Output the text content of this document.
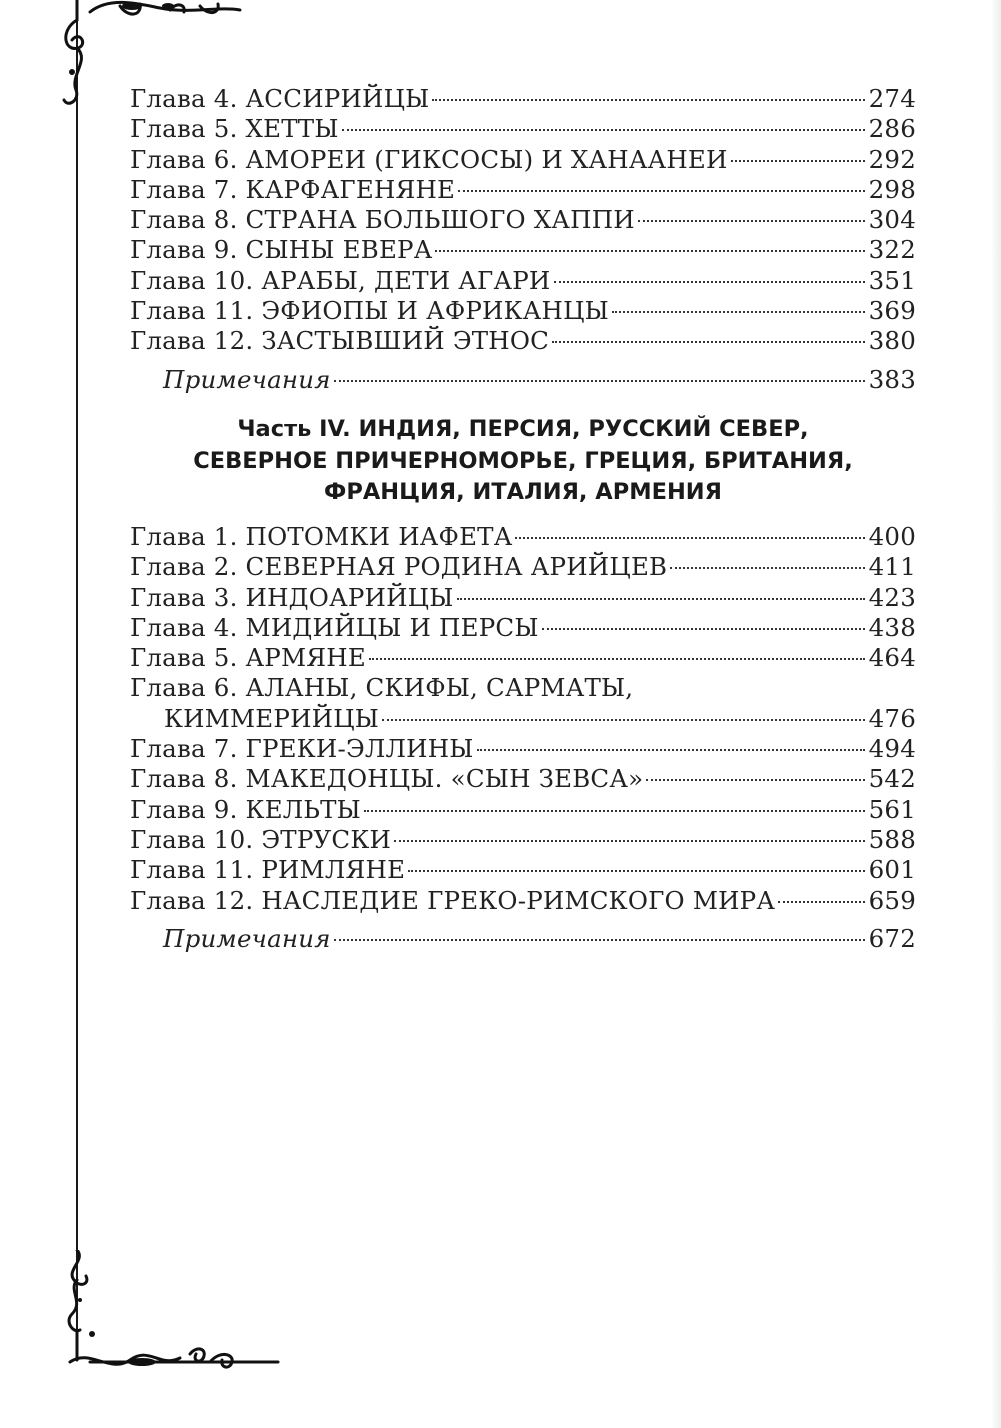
Глава 4. АССИРИЙЦЫ	274
Глава 5. ХЕТТЫ	286
Глава 6. АМОРЕИ (ГИКСОСЫ) И ХАНААНЕИ	292
Глава 7. КАРФАГЕНЯНЕ	298
Глава 8. СТРАНА БОЛЬШОГО ХАППИ	304
Глава 9. СЫНЫ ЕВЕРА	322
Глава 10. АРАБЫ, ДЕТИ АГАРИ	351
Глава 11. ЭФИОПЫ И АФРИКАНЦЫ	369
Глава 12. ЗАСТЫВШИЙ ЭТНОС	380
Примечания	383
Часть IV. ИНДИЯ, ПЕРСИЯ, РУССКИЙ СЕВЕР,
СЕВЕРНОЕ ПРИЧЕРНОМОРЬЕ, ГРЕЦИЯ, БРИТАНИЯ,
ФРАНЦИЯ, ИТАЛИЯ, АРМЕНИЯ
Глава 1. ПОТОМКИ ИАФЕТА	400
Глава 2. СЕВЕРНАЯ РОДИНА АРИЙЦЕВ	411
Глава 3. ИНДОАРИЙЦЫ	423
Глава 4. МИДИЙЦЫ И ПЕРСЫ	438
Глава 5. АРМЯНЕ	464
Глава 6. АЛАНЫ, СКИФЫ, САРМАТЫ,
КИММЕРИЙЦЫ	476
Глава 7. ГРЕКИ-ЭЛЛИНЫ	494
Глава 8. МАКЕДОНЦЫ. «СЫН ЗЕВСА»	542
Глава 9. КЕЛЬТЫ	561
Глава 10. ЭТРУСКИ	588
Глава 11. РИМЛЯНЕ	601
Глава 12. НАСЛЕДИЕ ГРЕКО-РИМСКОГО МИРА	659
Примечания	672
